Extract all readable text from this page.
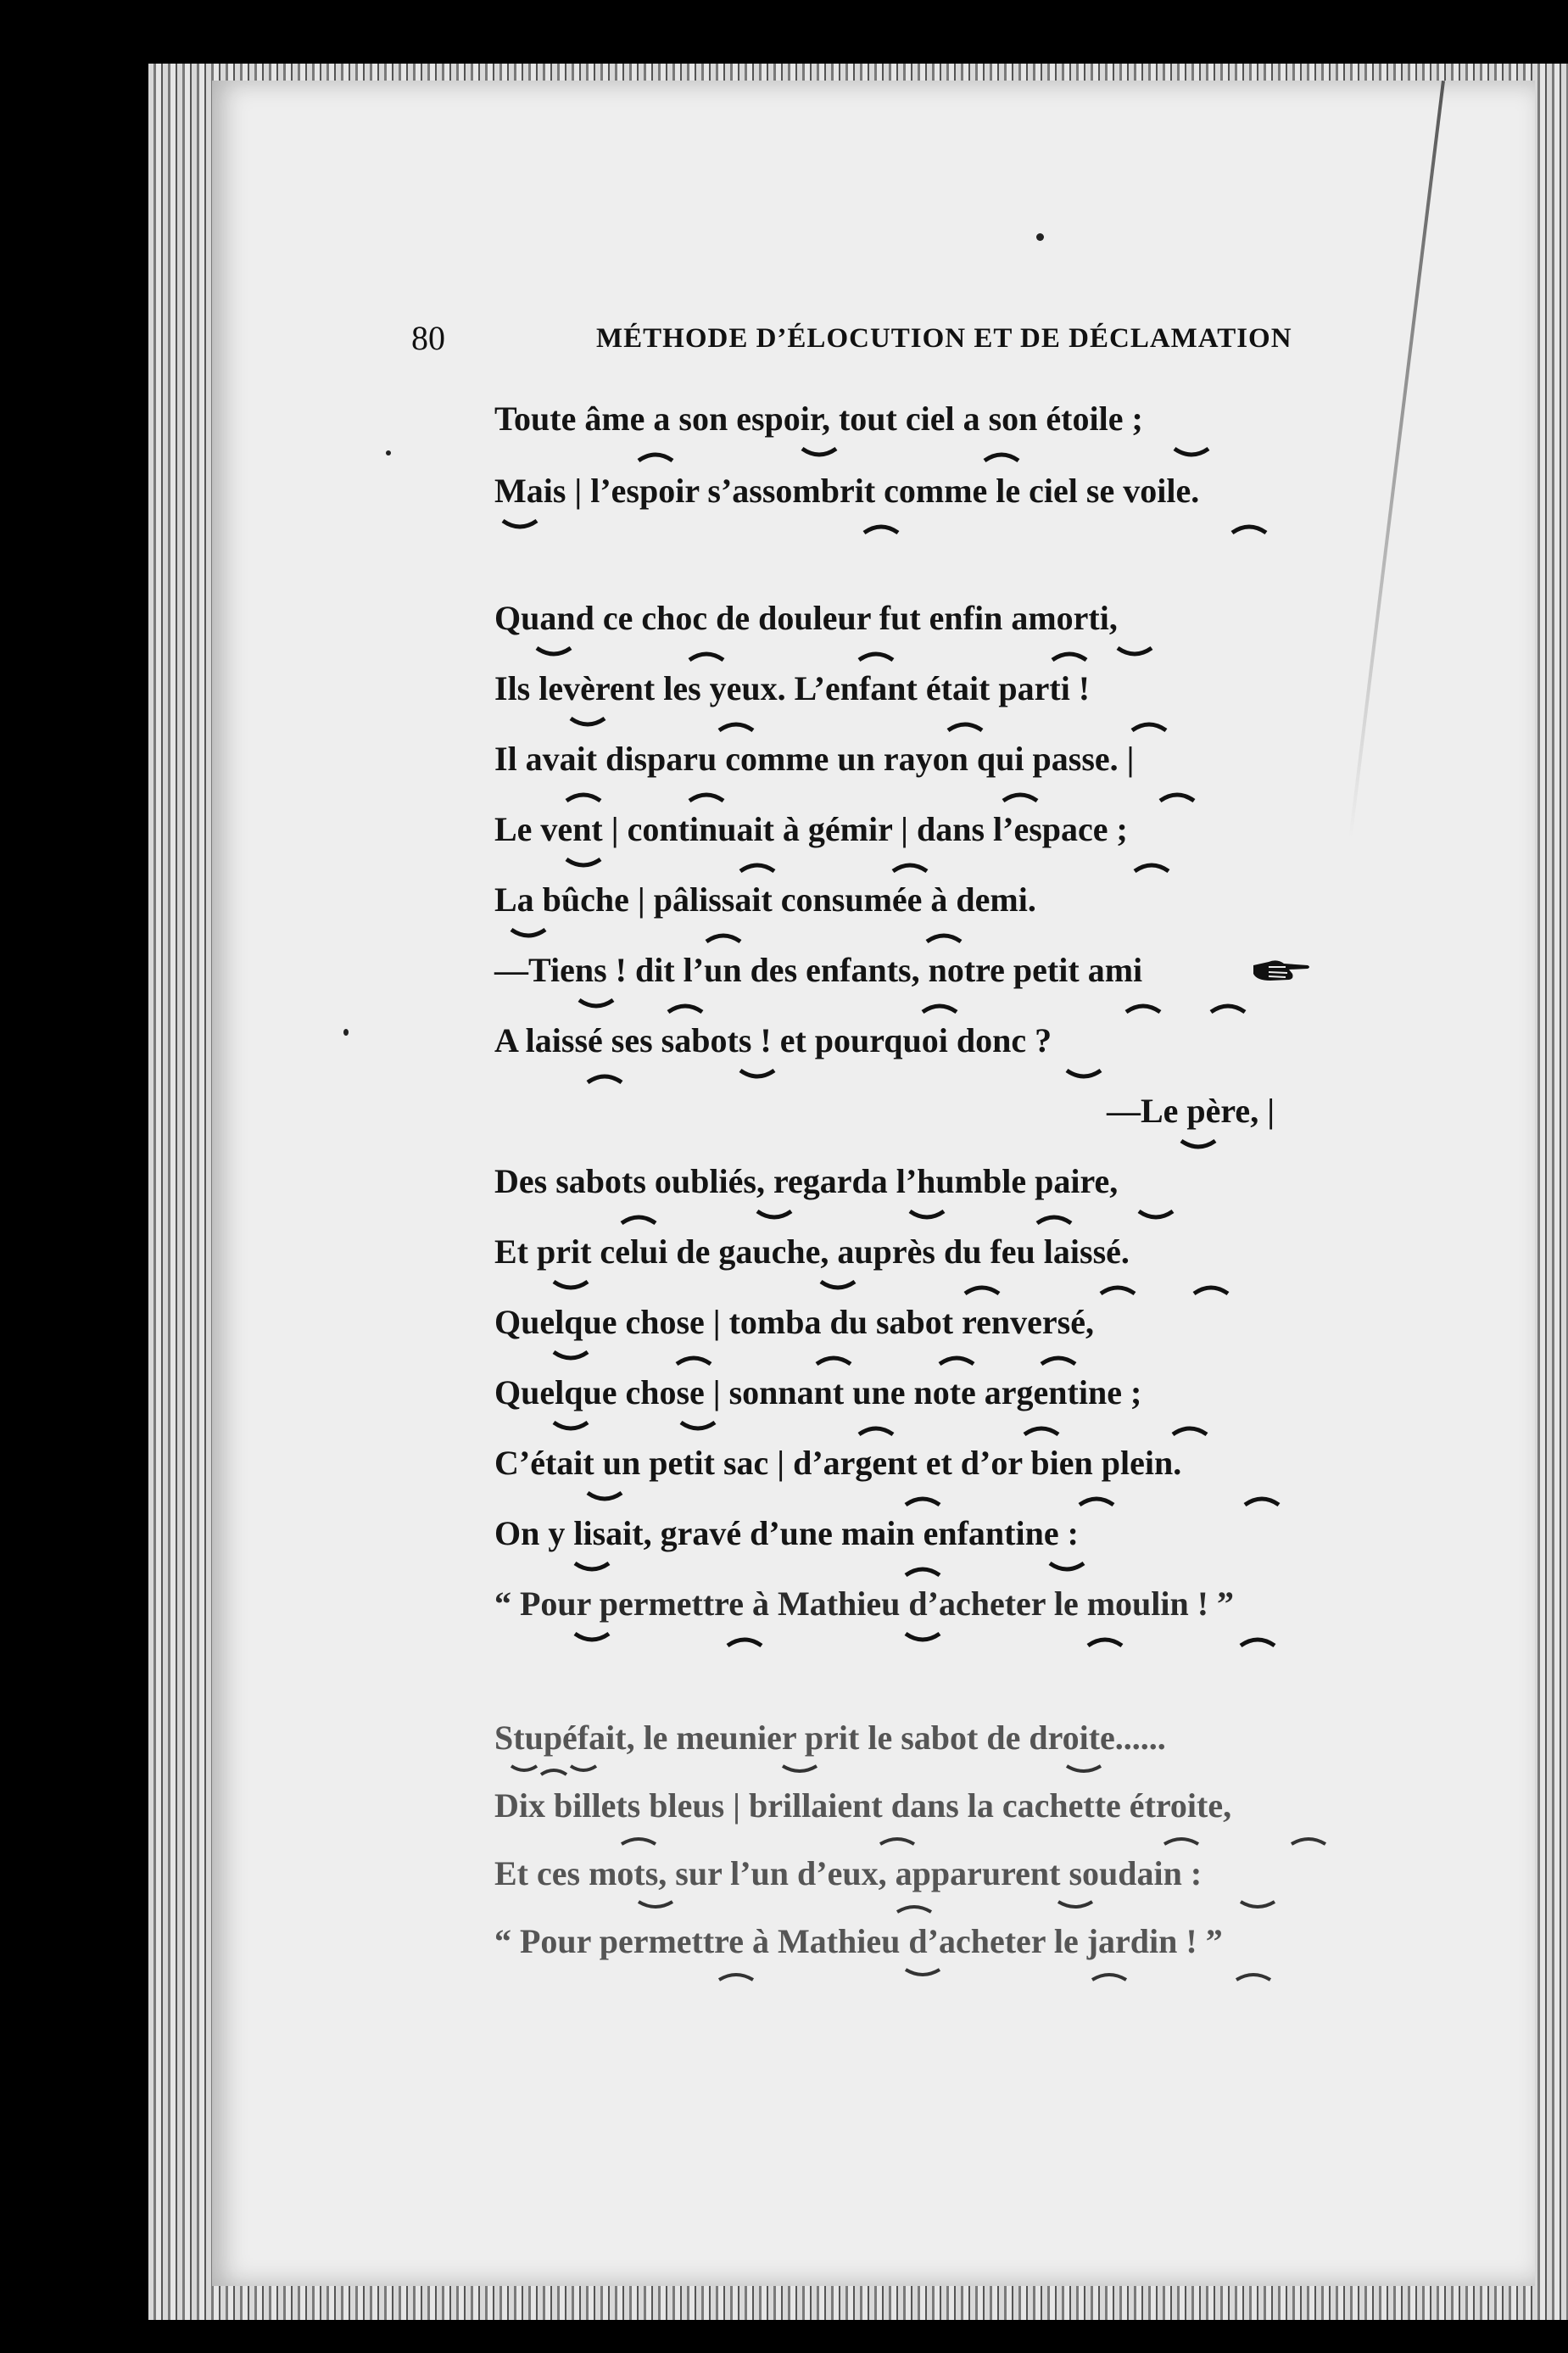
80	MÉTHODE D’ÉLOCUTION ET DE DÉCLAMATION
Toute âme a son espoir, tout ciel a son étoile ;
Mais | l’espoir s’assombrit comme le ciel se voile.
Quand ce choc de douleur fut enfin amorti,
Ils levèrent les yeux. L’enfant était parti !
Il avait disparu comme un rayon qui passe. |
Le vent | continuait à gémir | dans l’espace ;
La bûche | pâlissait consumée à demi.
—Tiens ! dit l’un des enfants, notre petit ami
A laissé ses sabots ! et pourquoi donc ?
—Le père, |
Des sabots oubliés, regarda l’humble paire,
Et prit celui de gauche, auprès du feu laissé.
Quelque chose | tomba du sabot renversé,
Quelque chose | sonnant une note argentine ;
C’était un petit sac | d’argent et d’or bien plein.
On y lisait, gravé d’une main enfantine :
“ Pour permettre à Mathieu d’acheter le moulin ! ”
Stupéfait, le meunier prit le sabot de droite......
Dix billets bleus | brillaient dans la cachette étroite,
Et ces mots, sur l’un d’eux, apparurent soudain :
“ Pour permettre à Mathieu d’acheter le jardin ! ”
